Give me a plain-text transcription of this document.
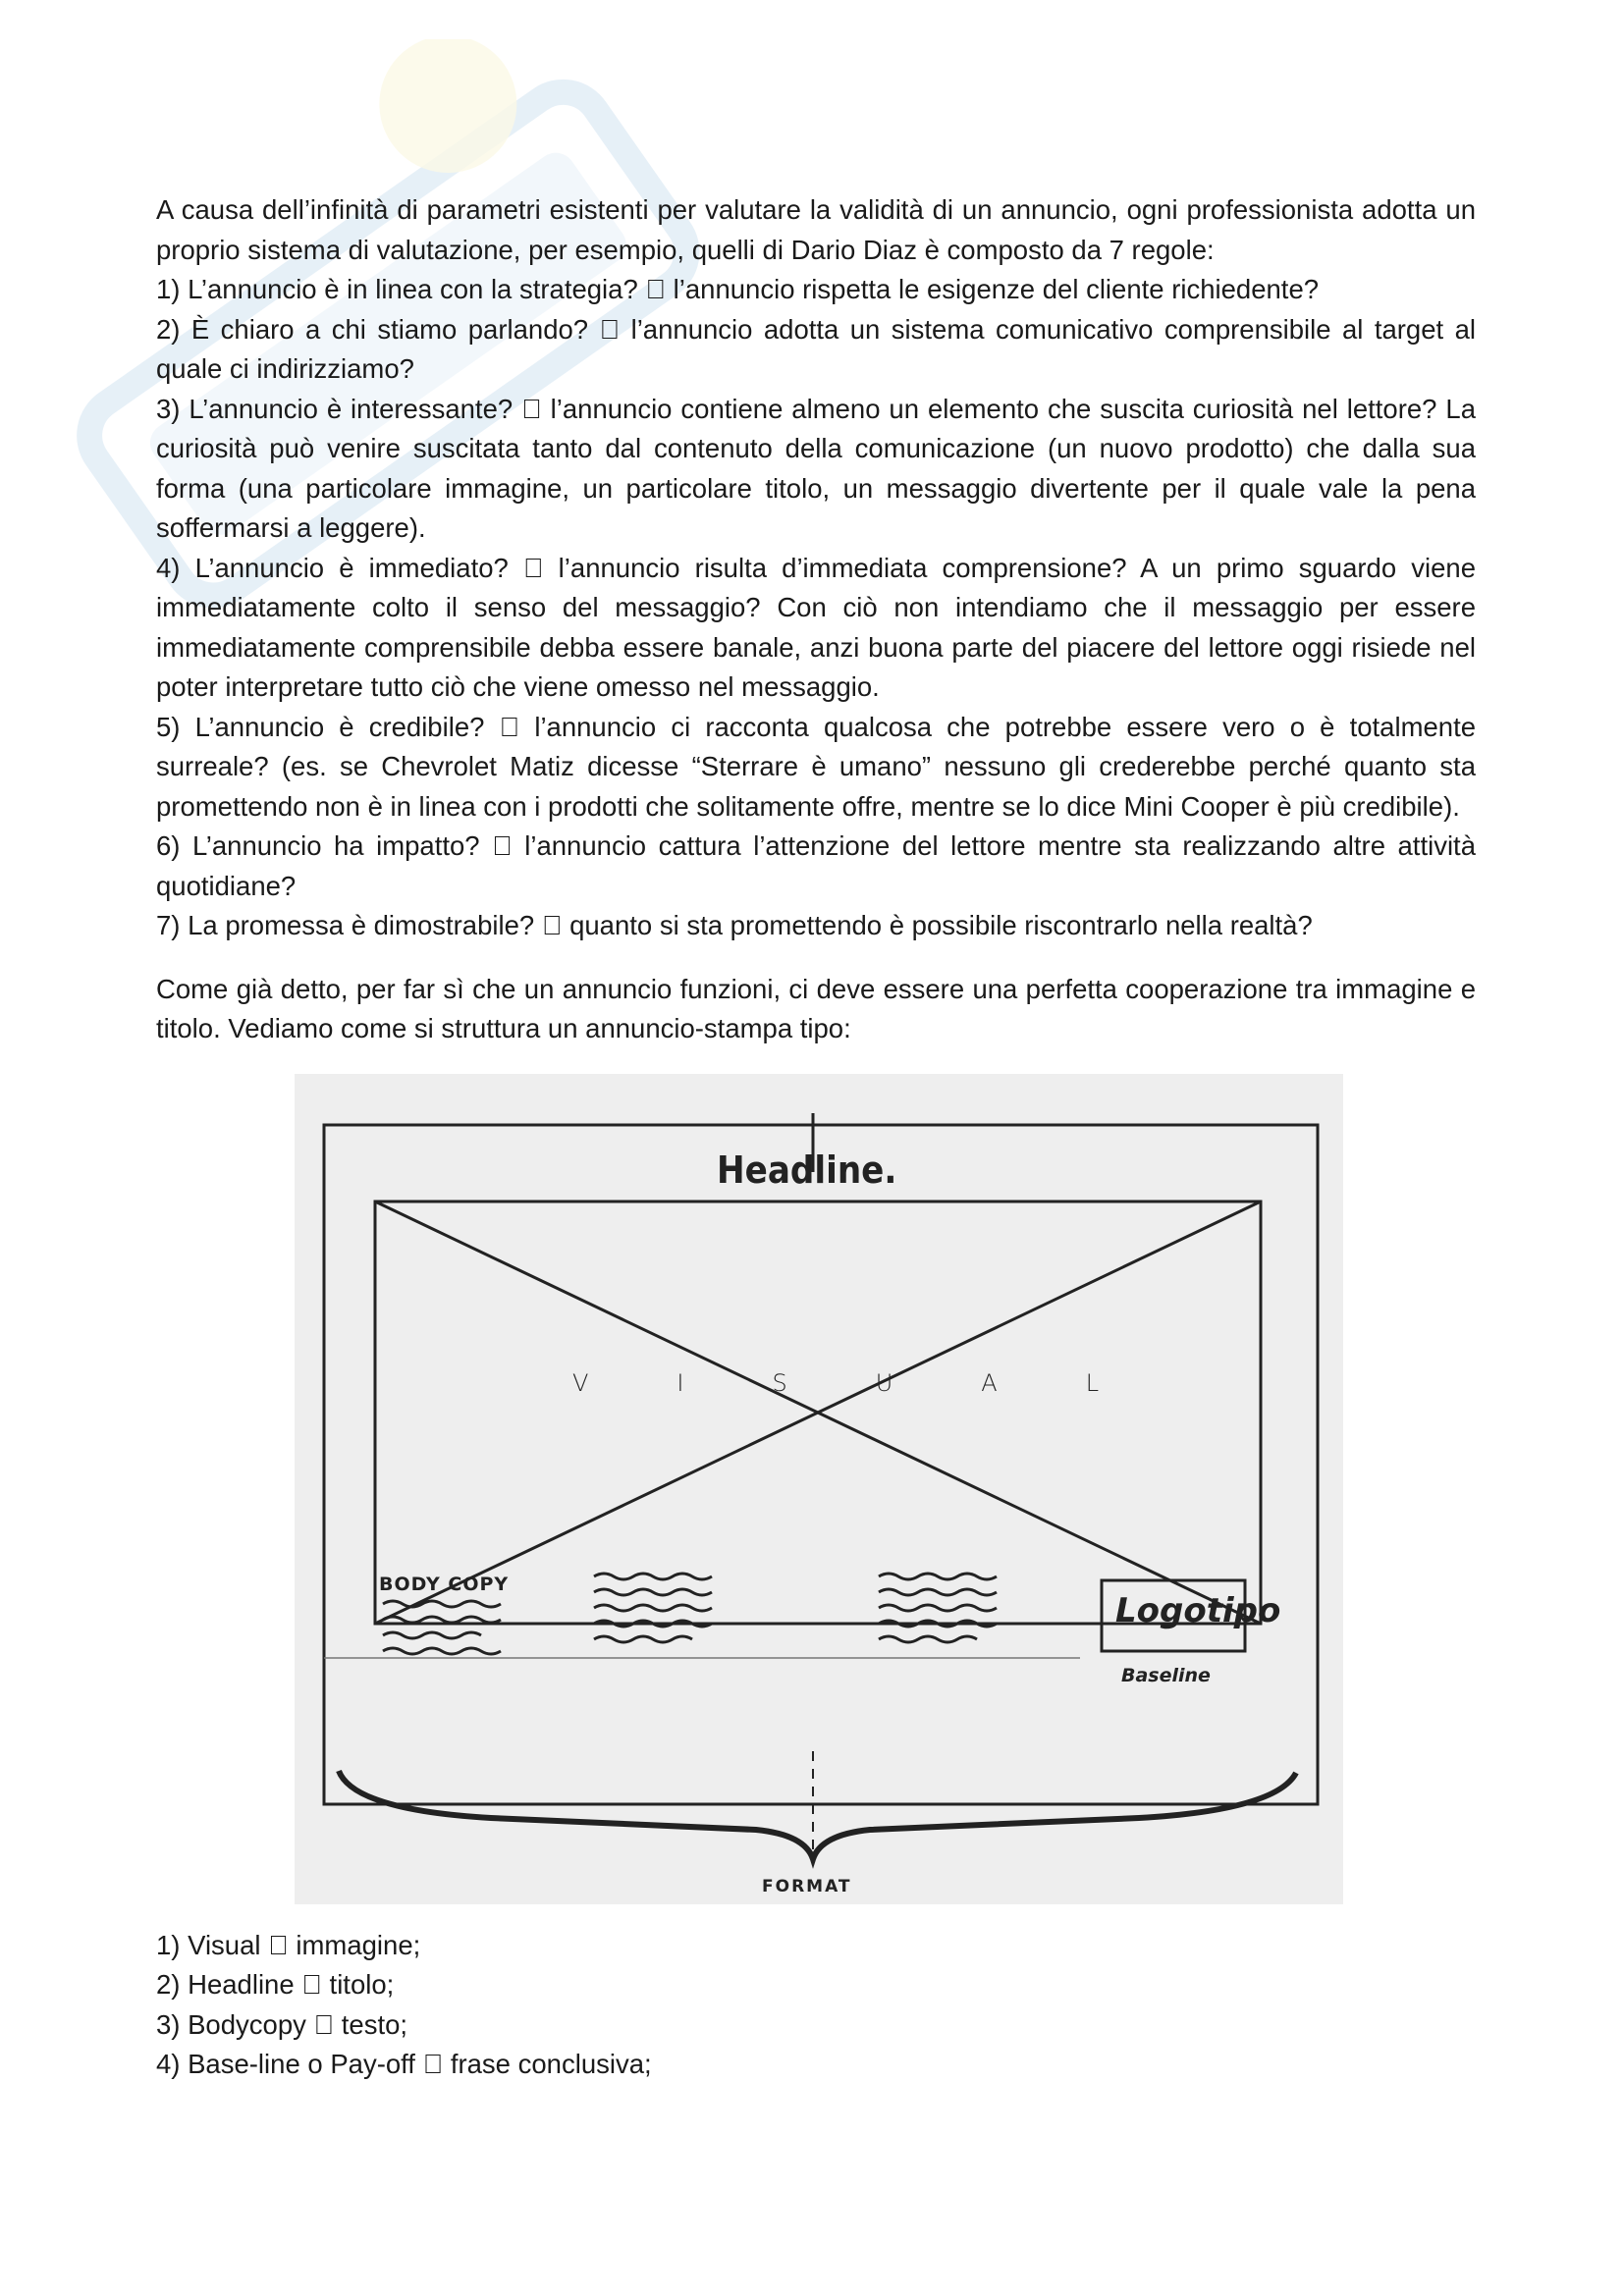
A causa dell’infinità di parametri esistenti per valutare la validità di un annuncio, ogni professionista adotta un proprio sistema di valutazione, per esempio, quelli di Dario Diaz è composto da 7 regole:

1) L’annuncio è in linea con la strategia?   l’annuncio rispetta le esigenze del cliente richiedente?

2) È chiaro a chi stiamo parlando?   l’annuncio adotta un sistema comunicativo comprensibile al target al quale ci indirizziamo?

3) L’annuncio è interessante?   l’annuncio contiene almeno un elemento che suscita curiosità nel lettore? La curiosità può venire suscitata tanto dal contenuto della comunicazione (un nuovo prodotto) che dalla sua forma (una particolare immagine, un particolare titolo, un messaggio divertente per il quale vale la pena soffermarsi a leggere).

4) L’annuncio è immediato?   l’annuncio risulta d’immediata comprensione? A un primo sguardo viene immediatamente colto il senso del messaggio? Con ciò non intendiamo che il messaggio per essere immediatamente comprensibile debba essere banale, anzi buona parte del piacere del lettore oggi risiede nel poter interpretare tutto ciò che viene omesso nel messaggio.

5) L’annuncio è credibile?   l’annuncio ci racconta qualcosa che potrebbe essere vero o è totalmente surreale? (es. se Chevrolet Matiz dicesse “Sterrare è umano” nessuno gli crederebbe perché quanto sta promettendo non è in linea con i prodotti che solitamente offre, mentre se lo dice Mini Cooper è più credibile).

6) L’annuncio ha impatto?   l’annuncio cattura l’attenzione del lettore mentre sta realizzando altre attività quotidiane?

7) La promessa è dimostrabile?   quanto si sta promettendo è possibile riscontrarlo nella realtà?

Come già detto, per far sì che un annuncio funzioni, ci deve essere una perfetta cooperazione tra immagine e titolo. Vediamo come si struttura un annuncio-stampa tipo:

Headline.
VISUAL
BODY COPY
Logotipo
Baseline
FORMAT

1) Visual   immagine;

2) Headline   titolo;

3) Bodycopy   testo;

4) Base-line o Pay-off   frase conclusiva;
